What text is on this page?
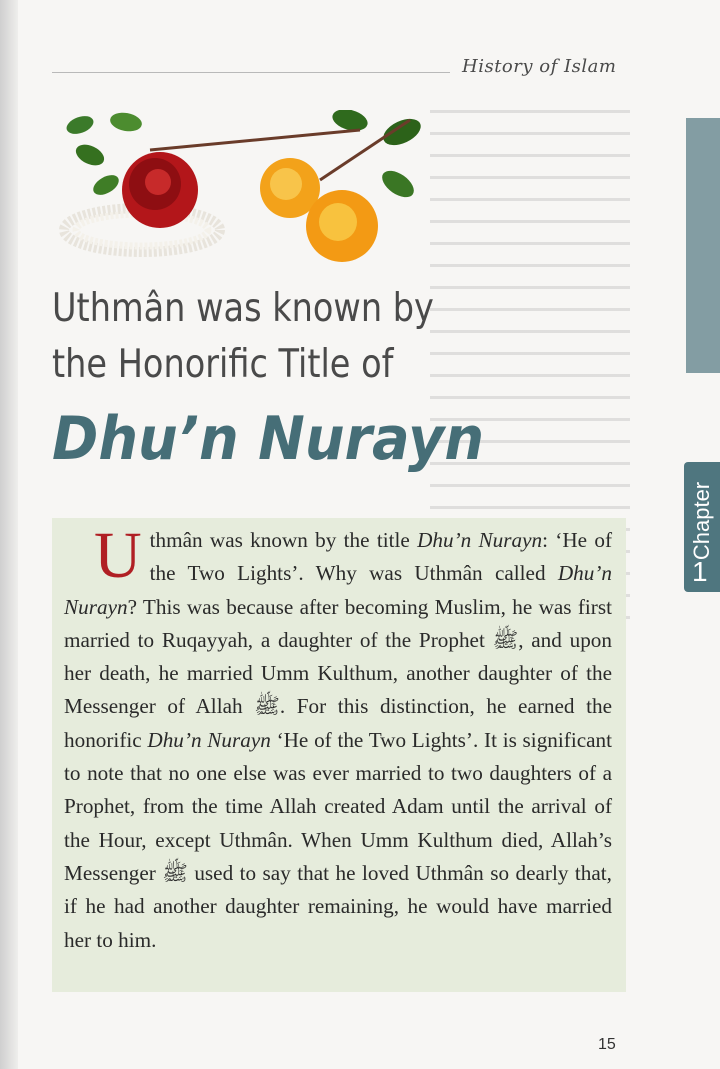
History of Islam
Chapter
1
Uthmân was known by
the Honorific Title of
Dhu’n Nurayn

Uthmân was known by the title Dhu’n Nurayn: ‘He of the Two Lights’. Why was Uthmân called Dhu’n Nurayn? This was because after becoming Muslim, he was first married to Ruqayyah, a daughter of the Prophet ﷺ, and upon her death, he married Umm Kulthum, another daughter of the Messenger of Allah ﷺ. For this distinction, he earned the honorific Dhu’n Nurayn ‘He of the Two Lights’. It is significant to note that no one else was ever married to two daughters of a Prophet, from the time Allah created Adam until the arrival of the Hour, except Uthmân. When Umm Kulthum died, Allah’s Messenger ﷺ used to say that he loved Uthmân so dearly that, if he had another daughter remaining, he would have married her to him.

15
